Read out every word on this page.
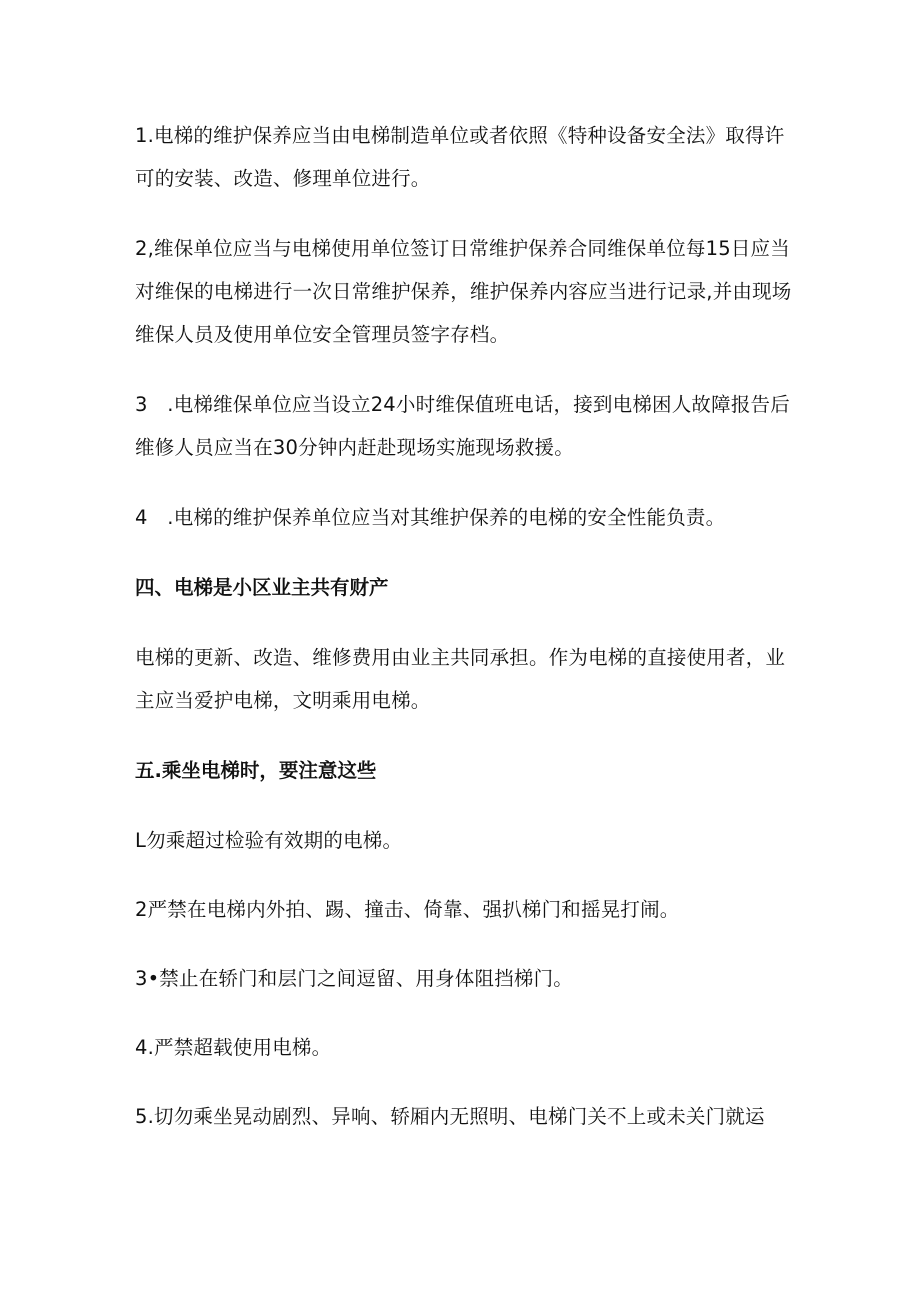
1.电梯的维护保养应当由电梯制造单位或者依照《特种设备安全法》取得许可的安装、改造、修理单位进行。

2,维保单位应当与电梯使用单位签订日常维护保养合同维保单位每15日应当对维保的电梯进行一次日常维护保养，维护保养内容应当进行记录,并由现场维保人员及使用单位安全管理员签字存档。

3　.电梯维保单位应当设立24小时维保值班电话，接到电梯困人故障报告后维修人员应当在30分钟内赶赴现场实施现场救援。

4　.电梯的维护保养单位应当对其维护保养的电梯的安全性能负责。

四、电梯是小区业主共有财产

电梯的更新、改造、维修费用由业主共同承担。作为电梯的直接使用者，业主应当爱护电梯，文明乘用电梯。

五.乘坐电梯时，要注意这些

L勿乘超过检验有效期的电梯。

2严禁在电梯内外拍、踢、撞击、倚靠、强扒梯门和摇晃打闹。

3•禁止在轿门和层门之间逗留、用身体阻挡梯门。

4.严禁超载使用电梯。

5.切勿乘坐晃动剧烈、异响、轿厢内无照明、电梯门关不上或未关门就运
